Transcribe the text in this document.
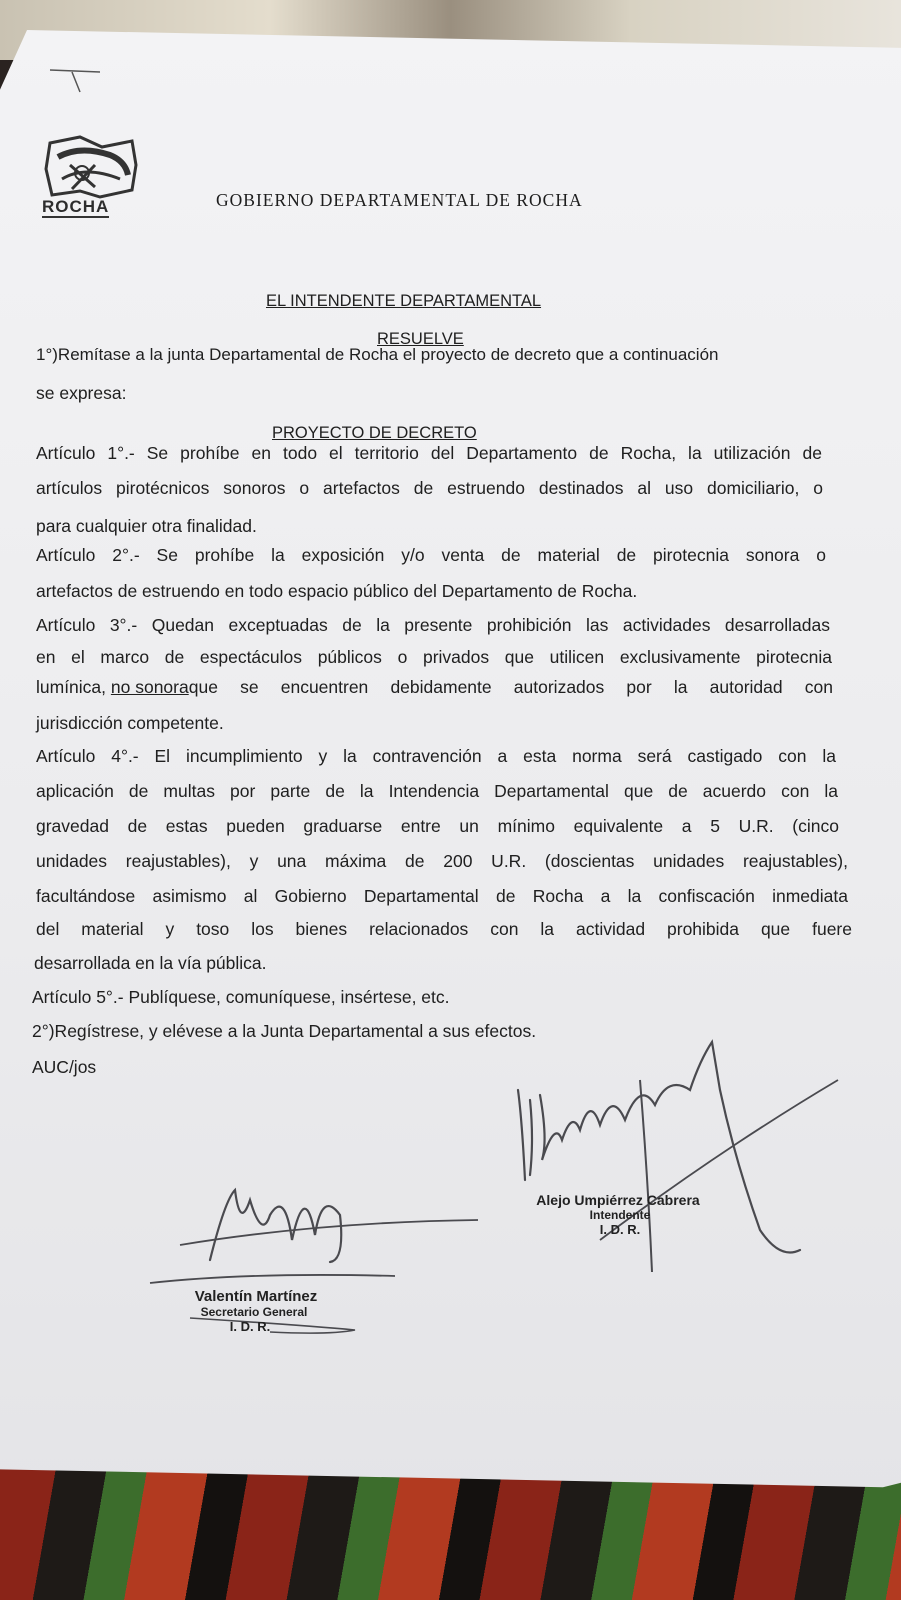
ROCHA	GOBIERNO DEPARTAMENTAL DE ROCHA
EL INTENDENTE DEPARTAMENTAL
RESUELVE
1°)Remítase a la junta Departamental de Rocha el proyecto de decreto que a continuación
se expresa:
PROYECTO DE DECRETO
Artículo 1°.- Se prohíbe en todo el territorio del Departamento de Rocha, la utilización de
artículos pirotécnicos sonoros o artefactos de estruendo destinados al uso domiciliario, o
para cualquier otra finalidad.
Artículo 2°.- Se prohíbe la exposición y/o venta de material de pirotecnia sonora o
artefactos de estruendo en todo espacio público del Departamento de Rocha.
Artículo 3°.- Quedan exceptuadas de la presente prohibición las actividades desarrolladas
en el marco de espectáculos públicos o privados que utilicen exclusivamente pirotecnia
lumínica, no sonora que se encuentren debidamente autorizados por la autoridad con
jurisdicción competente.
Artículo 4°.- El incumplimiento y la contravención a esta norma será castigado con la
aplicación de multas por parte de la Intendencia Departamental que de acuerdo con la
gravedad de estas pueden graduarse entre un mínimo equivalente a 5 U.R. (cinco
unidades reajustables), y una máxima de 200 U.R. (doscientas unidades reajustables),
facultándose asimismo al Gobierno Departamental de Rocha a la confiscación inmediata
del material y toso los bienes relacionados con la actividad prohibida que fuere
desarrollada en la vía pública.
Artículo 5°.- Publíquese, comuníquese, insértese, etc.
2°)Regístrese, y elévese a la Junta Departamental a sus efectos.
AUC/jos
Alejo Umpiérrez Cabrera
Intendente
I. D. R.
Valentín Martínez
Secretario General
I. D. R.
